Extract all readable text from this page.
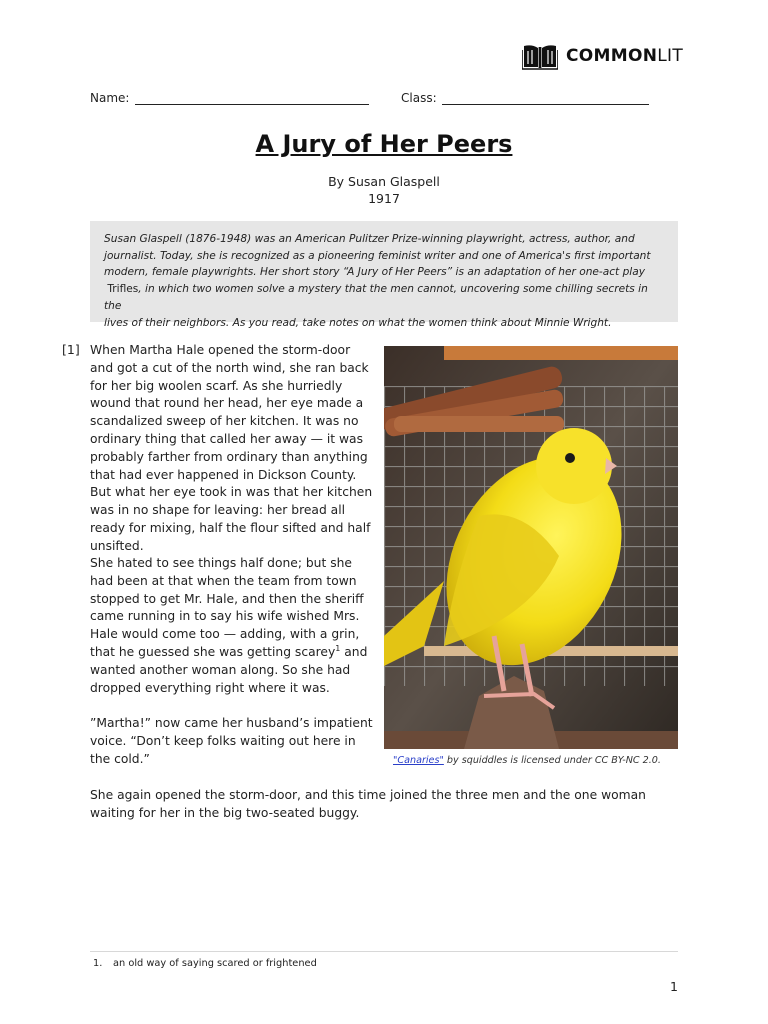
COMMONLIT
Name:	Class:
A Jury of Her Peers
By Susan Glaspell
1917
Susan Glaspell (1876-1948) was an American Pulitzer Prize-winning playwright, actress, author, and
journalist. Today, she is recognized as a pioneering feminist writer and one of America's first important
modern, female playwrights. Her short story “A Jury of Her Peers” is an adaptation of her one-act play
Trifles, in which two women solve a mystery that the men cannot, uncovering some chilling secrets in the
lives of their neighbors. As you read, take notes on what the women think about Minnie Wright.
[1] When Martha Hale opened the storm-door and got a cut of the north wind, she ran back for her big woolen scarf. As she hurriedly wound that round her head, her eye made a scandalized sweep of her kitchen. It was no ordinary thing that called her away — it was probably farther from ordinary than anything that had ever happened in Dickson County. But what her eye took in was that her kitchen was in no shape for leaving: her bread all ready for mixing, half the flour sifted and half unsifted.
She hated to see things half done; but she had been at that when the team from town stopped to get Mr. Hale, and then the sheriff came running in to say his wife wished Mrs. Hale would come too — adding, with a grin, that he guessed she was getting scarey$^1$ and wanted another woman along. So she had dropped everything right where it was.
”Martha!” now came her husband’s impatient voice. “Don’t keep folks waiting out here in the cold.”
She again opened the storm-door, and this time joined the three men and the one woman waiting for her in the big two-seated buggy.
"Canaries" by squiddles is licensed under CC BY-NC 2.0.
1. an old way of saying scared or frightened
1
